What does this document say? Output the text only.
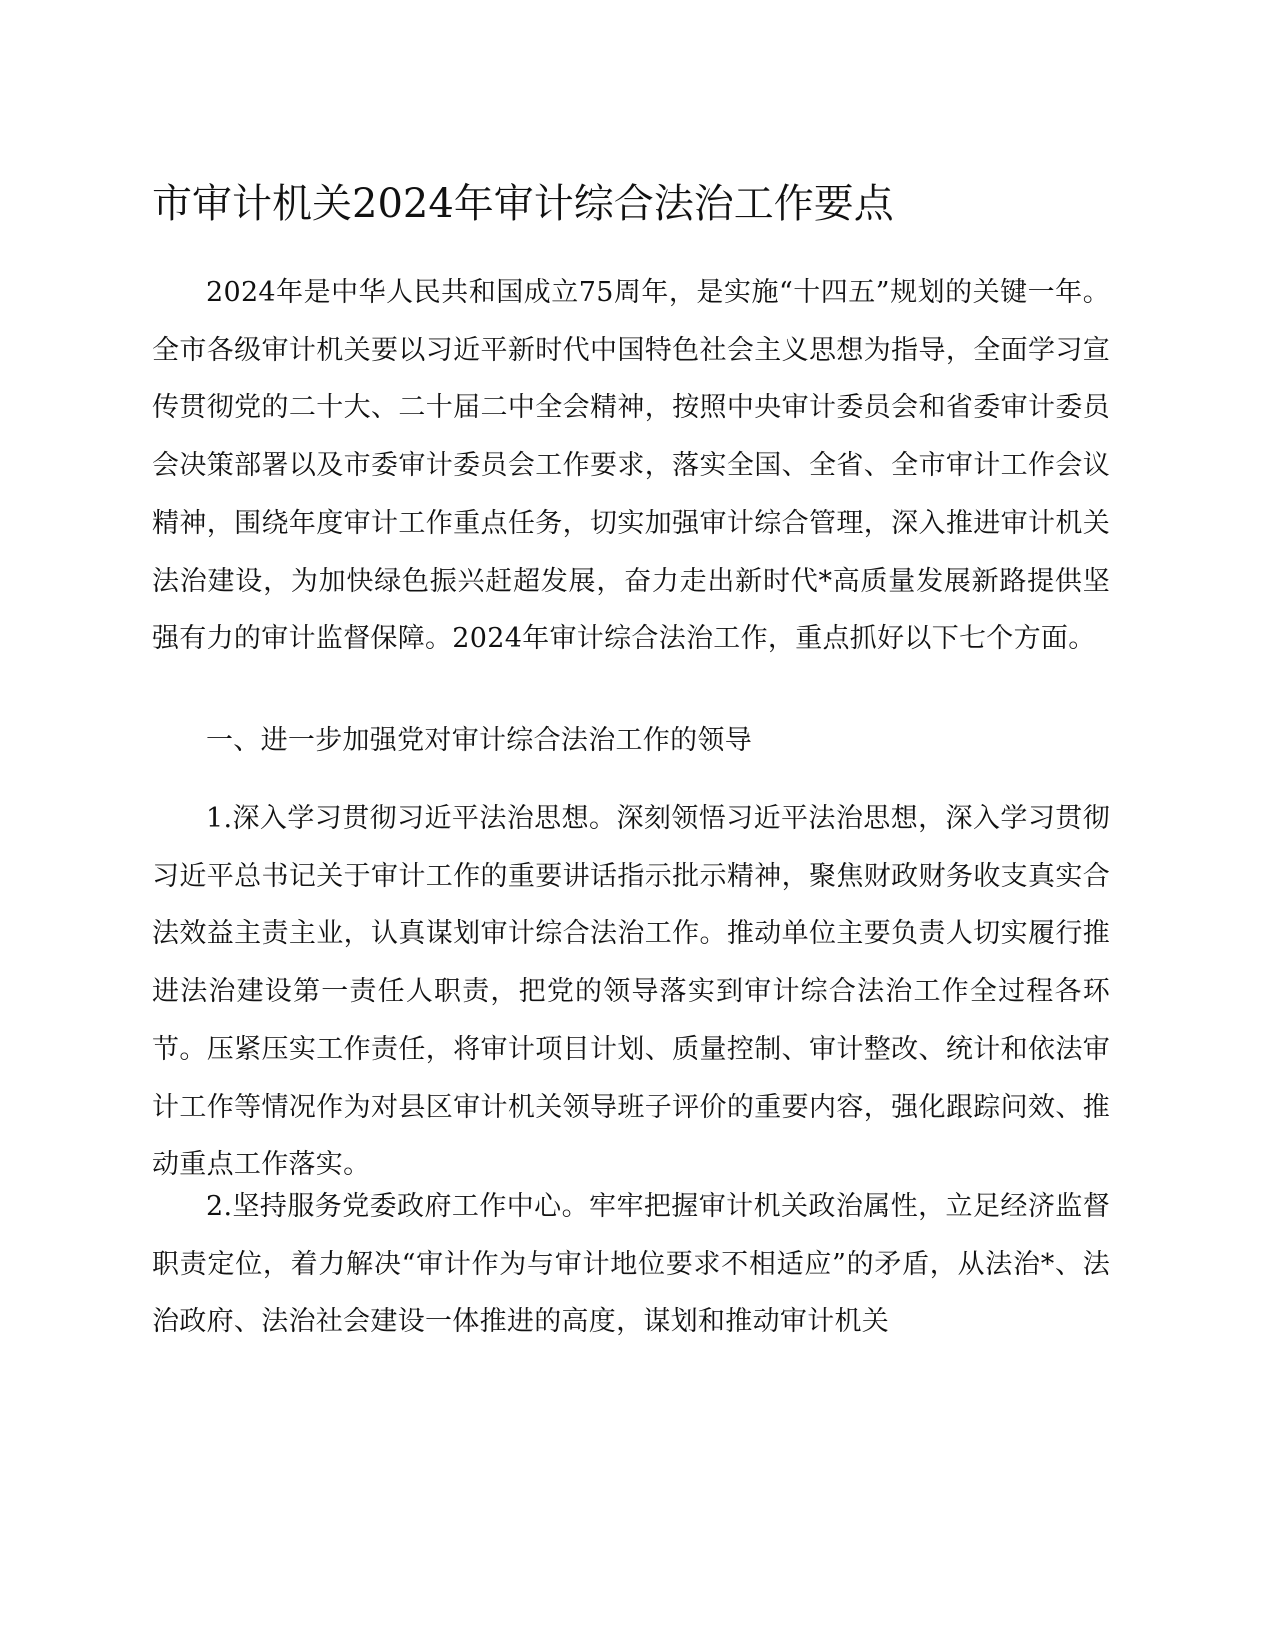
市审计机关2024年审计综合法治工作要点

2024年是中华人民共和国成立75周年，是实施“十四五”规划的关键一年。全市各级审计机关要以习近平新时代中国特色社会主义思想为指导，全面学习宣传贯彻党的二十大、二十届二中全会精神，按照中央审计委员会和省委审计委员会决策部署以及市委审计委员会工作要求，落实全国、全省、全市审计工作会议精神，围绕年度审计工作重点任务，切实加强审计综合管理，深入推进审计机关法治建设，为加快绿色振兴赶超发展，奋力走出新时代*高质量发展新路提供坚强有力的审计监督保障。2024年审计综合法治工作，重点抓好以下七个方面。

一、进一步加强党对审计综合法治工作的领导

1.深入学习贯彻习近平法治思想。深刻领悟习近平法治思想，深入学习贯彻习近平总书记关于审计工作的重要讲话指示批示精神，聚焦财政财务收支真实合法效益主责主业，认真谋划审计综合法治工作。推动单位主要负责人切实履行推进法治建设第一责任人职责，把党的领导落实到审计综合法治工作全过程各环节。压紧压实工作责任，将审计项目计划、质量控制、审计整改、统计和依法审计工作等情况作为对县区审计机关领导班子评价的重要内容，强化跟踪问效、推动重点工作落实。

2.坚持服务党委政府工作中心。牢牢把握审计机关政治属性，立足经济监督职责定位，着力解决“审计作为与审计地位要求不相适应”的矛盾，从法治*、法治政府、法治社会建设一体推进的高度，谋划和推动审计机关
